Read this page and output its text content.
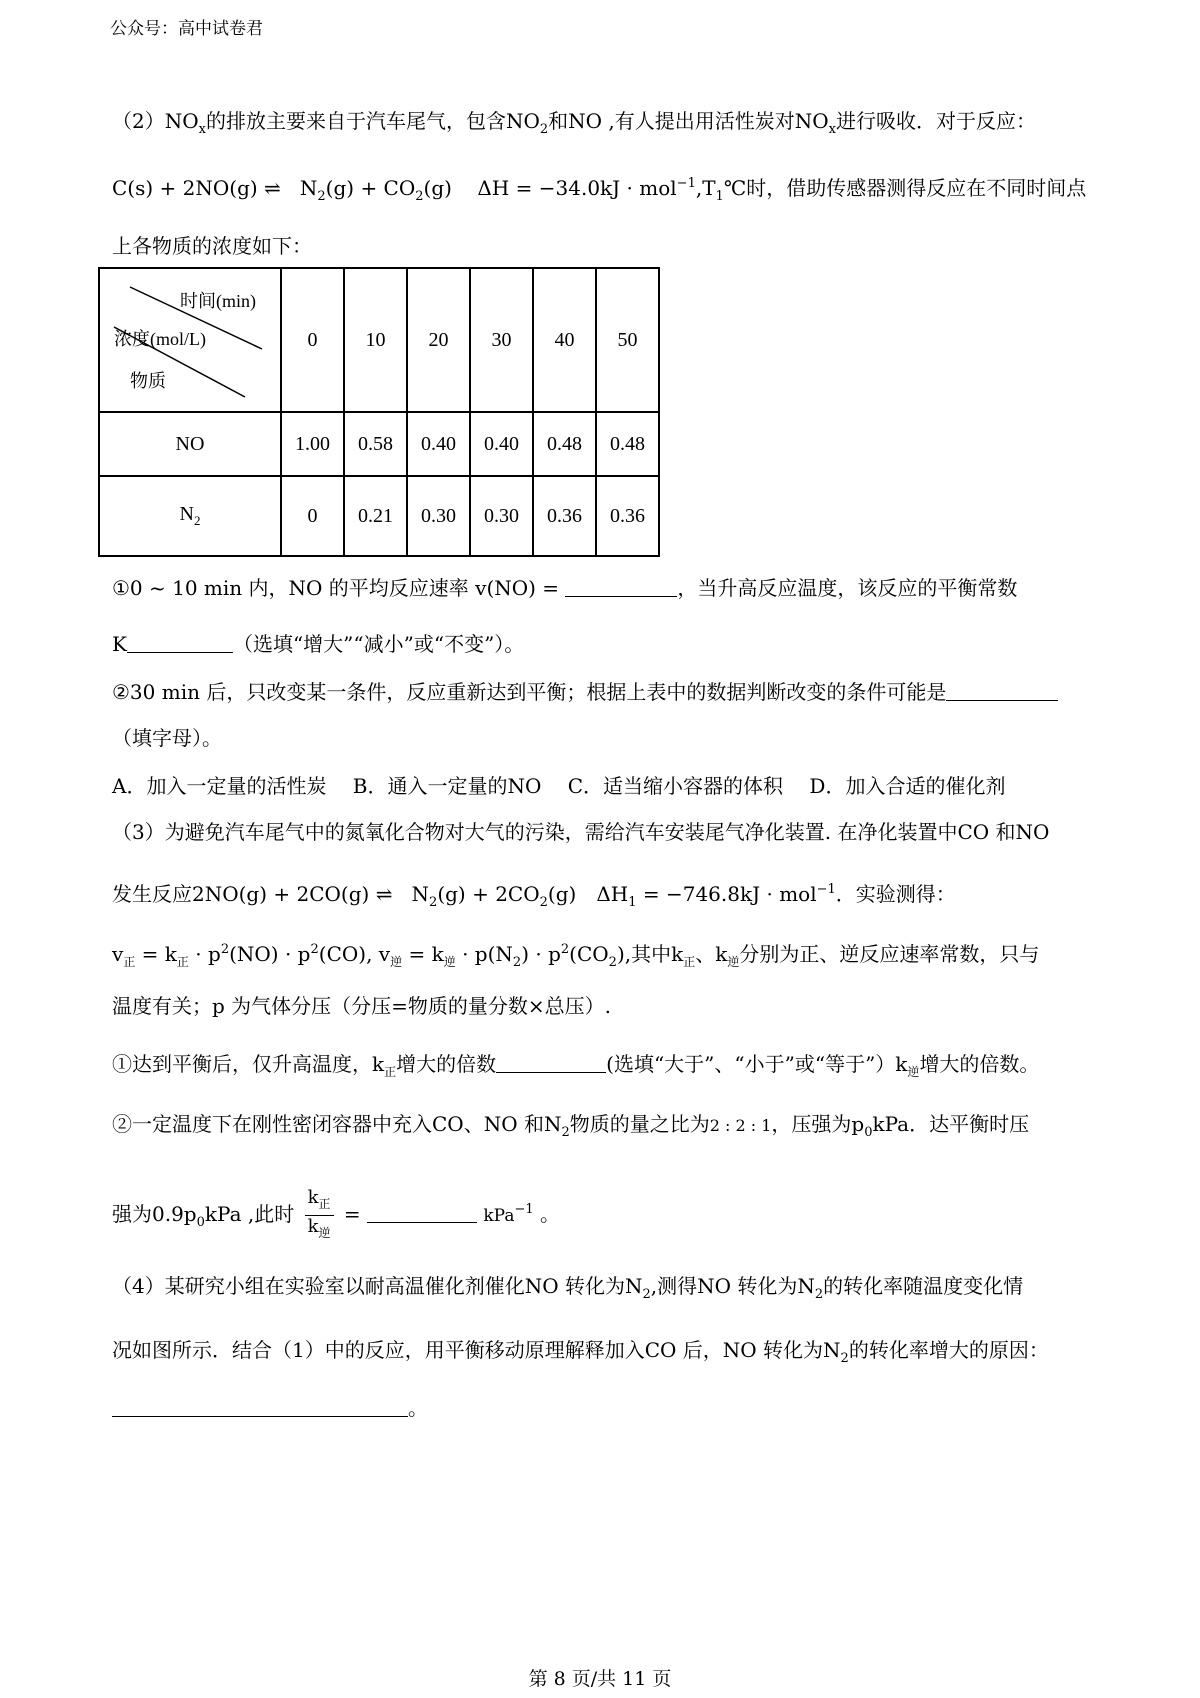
公众号：高中试卷君
$(2)NO_x$的排放主要来自于汽车尾气，包含$NO_2$和NO ,有人提出用活性炭对$NO_x$进行吸收．对于反应：
C(s) + 2NO(g) ⇌ $N_2(g) + CO_2(g) \Delta H = -34.0kJ$ · $mol^{-1},T_1℃$时，借助传感器测得反应在不同时间点
上各物质的浓度如下：
时间(min)
浓度(mol/L)
物质	0	10	20	30	40	50
NO	1.00	0.58	0.40	0.40	0.48	0.48
$N_2$	0	0.21	0.30	0.30	0.36	0.36
①0 ~ 10 min 内，NO 的平均反应速率 v(NO) =	，当升高反应温度，该反应的平衡常数
K	（选填“增大”“减小”或“不变”）。
②30 min 后，只改变某一条件，反应重新达到平衡；根据上表中的数据判断改变的条件可能是
（填字母）。
A．加入一定量的活性炭　 B．通入一定量的NO　 C．适当缩小容器的体积　 D．加入合适的催化剂
（3）为避免汽车尾气中的氮氧化合物对大气的污染，需给汽车安装尾气净化装置. 在净化装置中CO 和NO
发生反应2NO(g) + 2CO(g) ⇌ $N_2(g) + 2CO_2(g)$　$\Delta H_1 = -746.8kJ \cdot mol^{-1}$．实验测得：
$v_正 = k_正 \cdot p^2(NO) \cdot p^2(CO)$, $v_逆 = k_逆 \cdot p(N_2) \cdot p^2(CO_2)$,其中$k_正$、$k_逆$分别为正、逆反应速率常数，只与
温度有关；p 为气体分压（分压=物质的量分数×总压）.
①达到平衡后，仅升高温度，$k_正$增大的倍数	(选填“大于”、“小于”或“等于$”)k_逆$增大的倍数。
②一定温度下在刚性密闭容器中充入CO、NO 和$N_2$物质的量之比为2 : 2 : 1，压强为$p_0kPa$．达平衡时压
强为$0.9p_0kPa$ ,此时 $\frac{k_正}{k_逆}$ =	kPa$^{-1}$ 。
（4）某研究小组在实验室以耐高温催化剂催化NO 转化为$N_2$,测得NO 转化为$N_2$的转化率随温度变化情
况如图所示．结合（1）中的反应，用平衡移动原理解释加入CO 后，NO 转化为$N_2$的转化率增大的原因：
。
第 8 页/共 11 页
